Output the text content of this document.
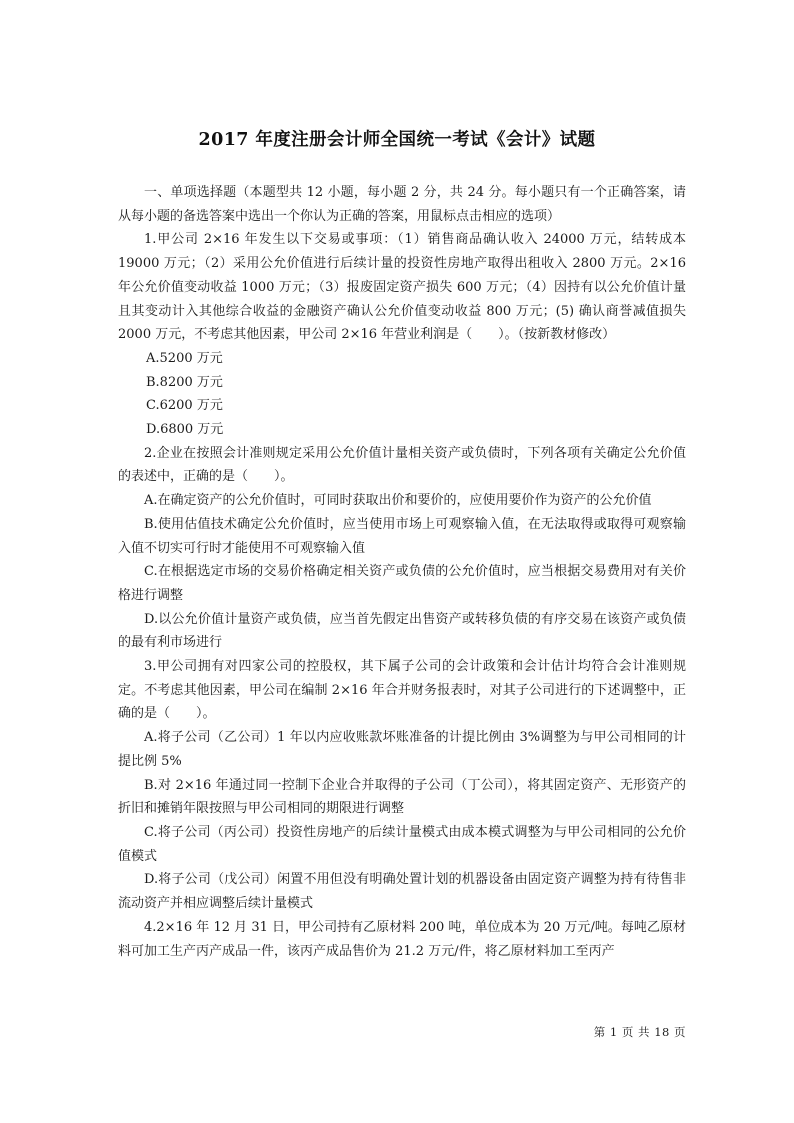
2017 年度注册会计师全国统一考试《会计》试题

一、单项选择题（本题型共 12 小题，每小题 2 分，共 24 分。每小题只有一个正确答案，请从每小题的备选答案中选出一个你认为正确的答案，用鼠标点击相应的选项）

1.甲公司 2×16 年发生以下交易或事项：（1）销售商品确认收入 24000 万元，结转成本 19000 万元；（2）采用公允价值进行后续计量的投资性房地产取得出租收入 2800 万元。2×16 年公允价值变动收益 1000 万元；（3）报废固定资产损失 600 万元；（4）因持有以公允价值计量且其变动计入其他综合收益的金融资产确认公允价值变动收益 800 万元；(5) 确认商誉减值损失 2000 万元，不考虑其他因素，甲公司 2×16 年营业利润是（　　）。（按新教材修改）

A.5200 万元

B.8200 万元

C.6200 万元

D.6800 万元

2.企业在按照会计准则规定采用公允价值计量相关资产或负债时，下列各项有关确定公允价值的表述中，正确的是（　　）。

A.在确定资产的公允价值时，可同时获取出价和要价的，应使用要价作为资产的公允价值

B.使用估值技术确定公允价值时，应当使用市场上可观察输入值，在无法取得或取得可观察输入值不切实可行时才能使用不可观察输入值

C.在根据选定市场的交易价格确定相关资产或负债的公允价值时，应当根据交易费用对有关价格进行调整

D.以公允价值计量资产或负债，应当首先假定出售资产或转移负债的有序交易在该资产或负债的最有利市场进行

3.甲公司拥有对四家公司的控股权，其下属子公司的会计政策和会计估计均符合会计准则规定。不考虑其他因素，甲公司在编制 2×16 年合并财务报表时，对其子公司进行的下述调整中，正确的是（　　）。

A.将子公司（乙公司）1 年以内应收账款坏账准备的计提比例由 3%调整为与甲公司相同的计提比例 5%

B.对 2×16 年通过同一控制下企业合并取得的子公司（丁公司），将其固定资产、无形资产的折旧和摊销年限按照与甲公司相同的期限进行调整

C.将子公司（丙公司）投资性房地产的后续计量模式由成本模式调整为与甲公司相同的公允价值模式

D.将子公司（戊公司）闲置不用但没有明确处置计划的机器设备由固定资产调整为持有待售非流动资产并相应调整后续计量模式

4.2×16 年 12 月 31 日，甲公司持有乙原材料 200 吨，单位成本为 20 万元/吨。每吨乙原材料可加工生产丙产成品一件，该丙产成品售价为 21.2 万元/件，将乙原材料加工至丙产

第 1 页 共 18 页
